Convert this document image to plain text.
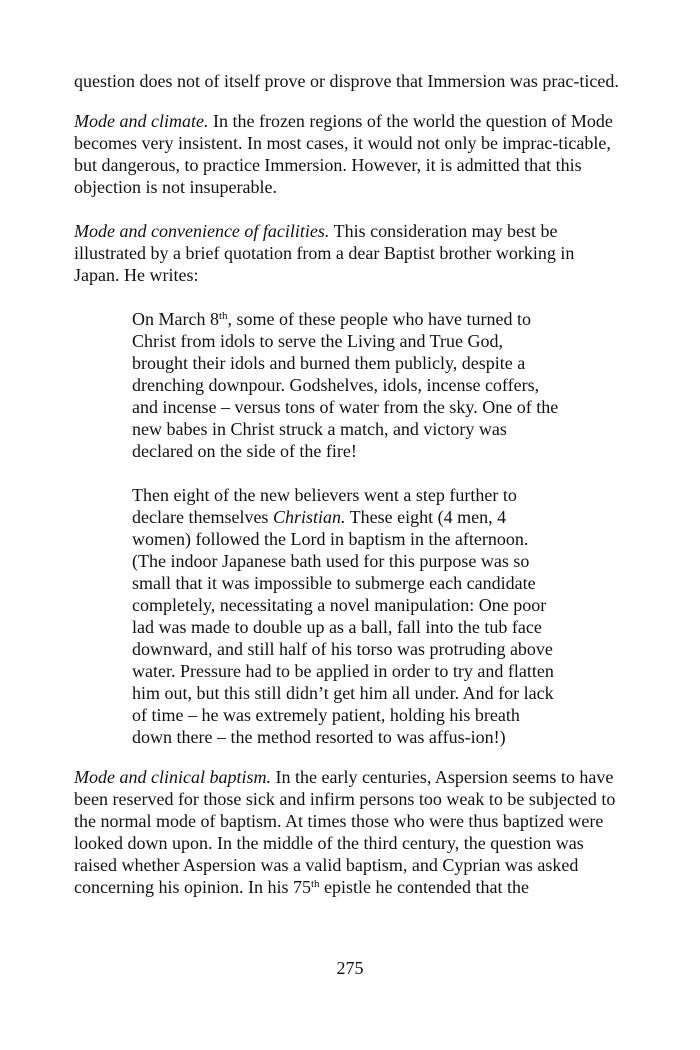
question does not of itself prove or disprove that Immersion was prac-ticed.

Mode and climate. In the frozen regions of the world the question of Mode becomes very insistent. In most cases, it would not only be imprac-ticable, but dangerous, to practice Immersion. However, it is admitted that this objection is not insuperable.

Mode and convenience of facilities. This consideration may best be illustrated by a brief quotation from a dear Baptist brother working in Japan. He writes:

On March 8th, some of these people who have turned to Christ from idols to serve the Living and True God, brought their idols and burned them publicly, despite a drenching downpour. Godshelves, idols, incense coffers, and incense – versus tons of water from the sky. One of the new babes in Christ struck a match, and victory was declared on the side of the fire!

Then eight of the new believers went a step further to declare themselves Christian. These eight (4 men, 4 women) followed the Lord in baptism in the afternoon. (The indoor Japanese bath used for this purpose was so small that it was impossible to submerge each candidate completely, necessitating a novel manipulation: One poor lad was made to double up as a ball, fall into the tub face downward, and still half of his torso was protruding above water. Pressure had to be applied in order to try and flatten him out, but this still didn’t get him all under. And for lack of time – he was extremely patient, holding his breath down there – the method resorted to was affus-ion!)

Mode and clinical baptism. In the early centuries, Aspersion seems to have been reserved for those sick and infirm persons too weak to be subjected to the normal mode of baptism. At times those who were thus baptized were looked down upon. In the middle of the third century, the question was raised whether Aspersion was a valid baptism, and Cyprian was asked concerning his opinion. In his 75th epistle he contended that the

275
